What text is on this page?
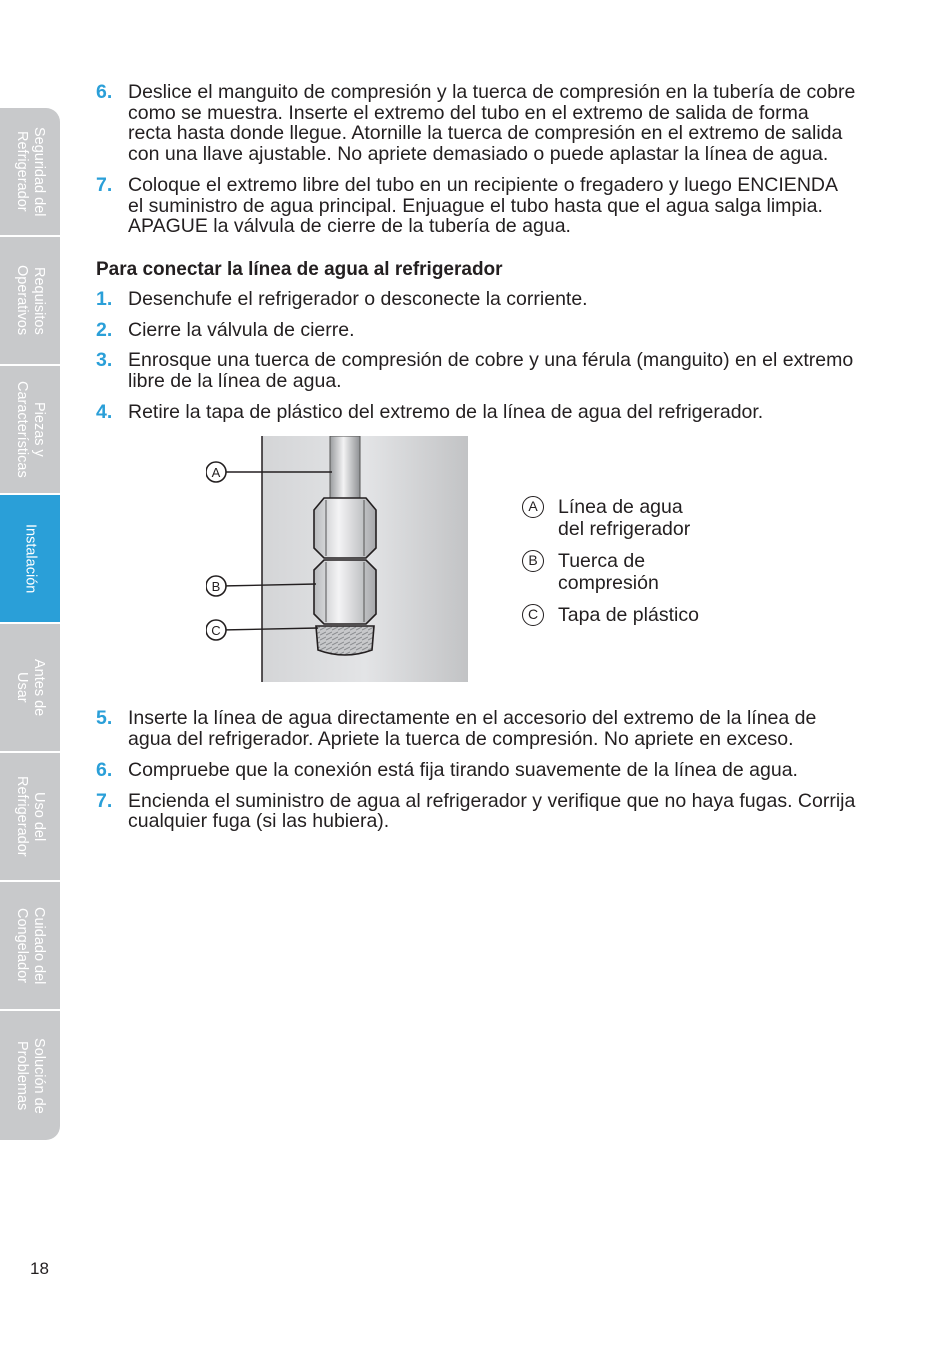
Seguridad del
Refrigerador
Requisitos
Operativos
Piezas y
Características
Instalación
Antes de
Usar
Uso del
Refrigerador
Cuidado del
Congelador
Solución de
Problemas
6. Deslice el manguito de compresión y la tuerca de compresión en la tubería de cobre como se muestra. Inserte el extremo del tubo en el extremo de salida de forma recta hasta donde llegue. Atornille la tuerca de compresión en el extremo de salida con una llave ajustable. No apriete demasiado o puede aplastar la línea de agua.
7. Coloque el extremo libre del tubo en un recipiente o fregadero y luego ENCIENDA el suministro de agua principal. Enjuague el tubo hasta que el agua salga limpia. APAGUE la válvula de cierre de la tubería de agua.
Para conectar la línea de agua al refrigerador
1. Desenchufe el refrigerador o desconecte la corriente.
2. Cierre la válvula de cierre.
3. Enrosque una tuerca de compresión de cobre y una férula (manguito) en el extremo libre de la línea de agua.
4. Retire la tapa de plástico del extremo de la línea de agua del refrigerador.
A
B
C
A	Línea de agua
del refrigerador
B	Tuerca de
compresión
C	Tapa de plástico
5. Inserte la línea de agua directamente en el accesorio del extremo de la línea de agua del refrigerador. Apriete la tuerca de compresión. No apriete en exceso.
6. Compruebe que la conexión está fija tirando suavemente de la línea de agua.
7. Encienda el suministro de agua al refrigerador y verifique que no haya fugas. Corrija cualquier fuga (si las hubiera).
18
